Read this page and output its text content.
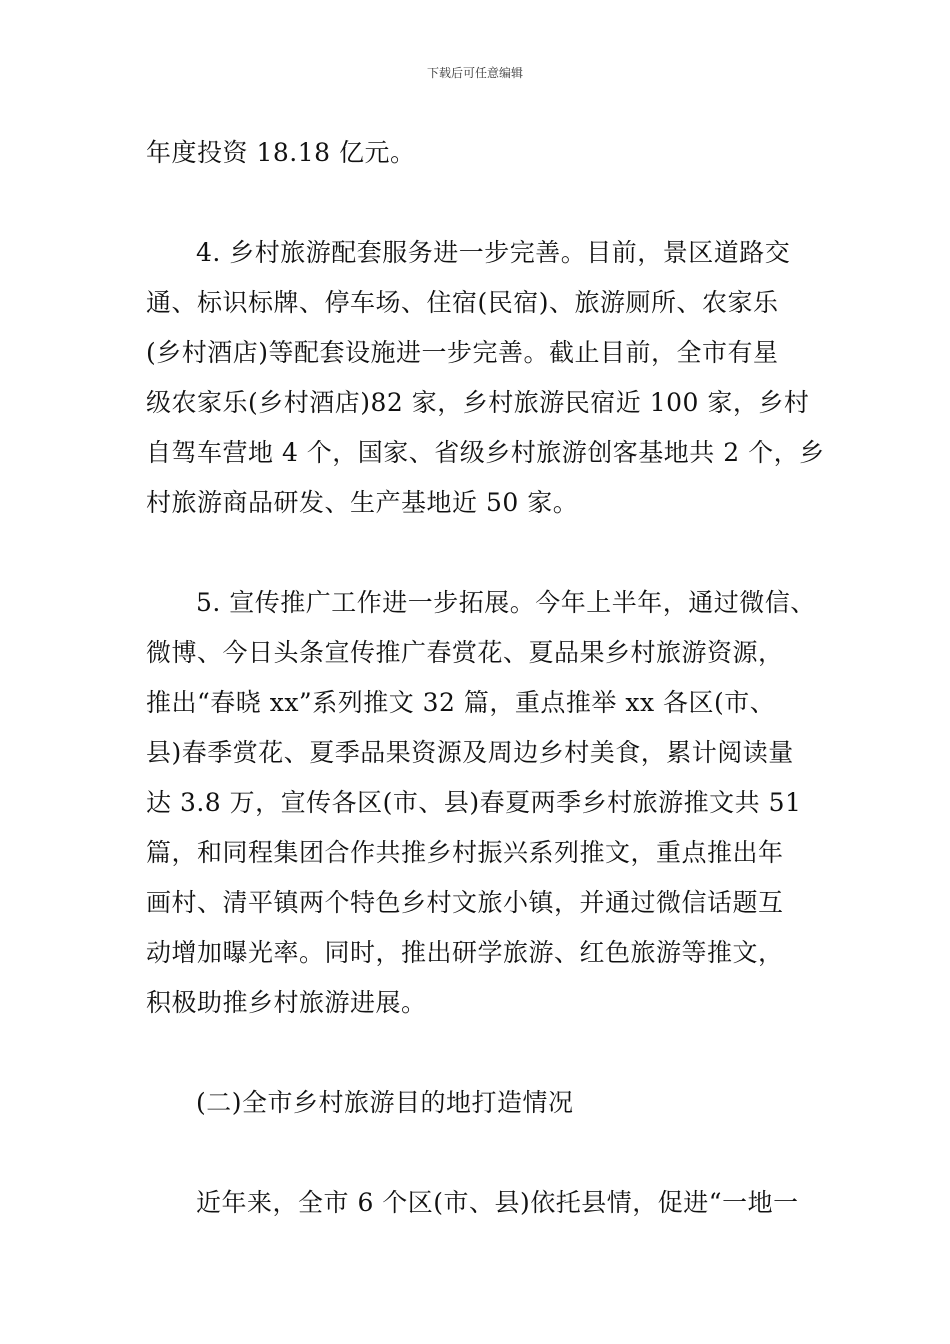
下载后可任意编辑
年度投资 18.18 亿元。
4. 乡村旅游配套服务进一步完善。目前，景区道路交
通、标识标牌、停车场、住宿(民宿)、旅游厕所、农家乐
(乡村酒店)等配套设施进一步完善。截止目前，全市有星
级农家乐(乡村酒店)82 家，乡村旅游民宿近 100 家，乡村
自驾车营地 4 个，国家、省级乡村旅游创客基地共 2 个，乡
村旅游商品研发、生产基地近 50 家。
5. 宣传推广工作进一步拓展。今年上半年，通过微信、
微博、今日头条宣传推广春赏花、夏品果乡村旅游资源，
推出“春晓 xx”系列推文 32 篇，重点推举 xx 各区(市、
县)春季赏花、夏季品果资源及周边乡村美食，累计阅读量
达 3.8 万，宣传各区(市、县)春夏两季乡村旅游推文共 51
篇，和同程集团合作共推乡村振兴系列推文，重点推出年
画村、清平镇两个特色乡村文旅小镇，并通过微信话题互
动增加曝光率。同时，推出研学旅游、红色旅游等推文，
积极助推乡村旅游进展。
(二)全市乡村旅游目的地打造情况
近年来，全市 6 个区(市、县)依托县情，促进“一地一
